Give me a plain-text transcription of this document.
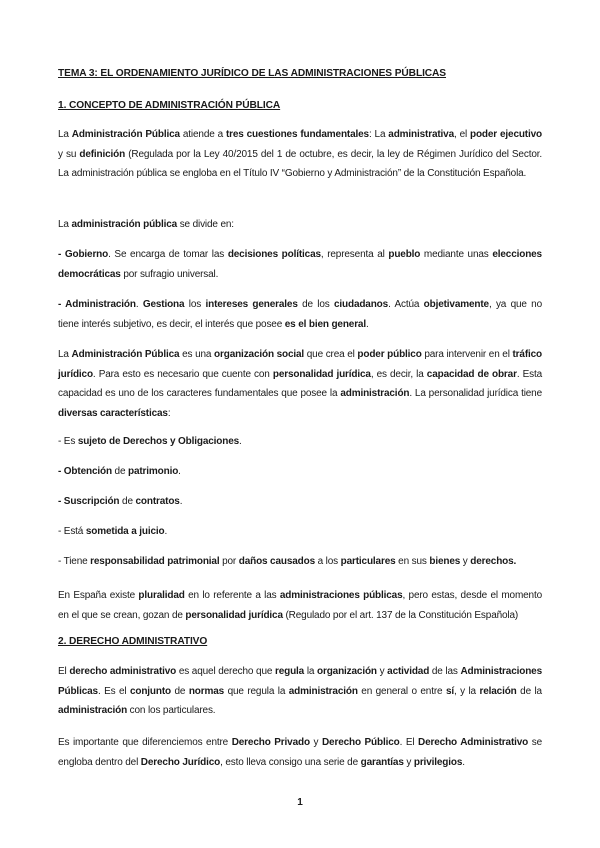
TEMA 3: EL ORDENAMIENTO JURÍDICO DE LAS ADMINISTRACIONES PÚBLICAS
1. CONCEPTO DE ADMINISTRACIÓN PÚBLICA
La Administración Pública atiende a tres cuestiones fundamentales: La administrativa, el poder ejecutivo y su definición (Regulada por la Ley 40/2015 del 1 de octubre, es decir, la ley de Régimen Jurídico del Sector. La administración pública se engloba en el Título IV “Gobierno y Administración” de la Constitución Española.
La administración pública se divide en:
- Gobierno. Se encarga de tomar las decisiones políticas, representa al pueblo mediante unas elecciones democráticas por sufragio universal.
- Administración. Gestiona los intereses generales de los ciudadanos. Actúa objetivamente, ya que no tiene interés subjetivo, es decir, el interés que posee es el bien general.
La Administración Pública es una organización social que crea el poder público para intervenir en el tráfico jurídico. Para esto es necesario que cuente con personalidad jurídica, es decir, la capacidad de obrar. Esta capacidad es uno de los caracteres fundamentales que posee la administración. La personalidad jurídica tiene diversas características:
- Es sujeto de Derechos y Obligaciones.
- Obtención de patrimonio.
- Suscripción de contratos.
- Está sometida a juicio.
- Tiene responsabilidad patrimonial por daños causados a los particulares en sus bienes y derechos.
En España existe pluralidad en lo referente a las administraciones públicas, pero estas, desde el momento en el que se crean, gozan de personalidad jurídica (Regulado por el art. 137 de la Constitución Española)
2. DERECHO ADMINISTRATIVO
El derecho administrativo es aquel derecho que regula la organización y actividad de las Administraciones Públicas. Es el conjunto de normas que regula la administración en general o entre sí, y la relación de la administración con los particulares.
Es importante que diferenciemos entre Derecho Privado y Derecho Público. El Derecho Administrativo se engloba dentro del Derecho Jurídico, esto lleva consigo una serie de garantías y privilegios.
1
